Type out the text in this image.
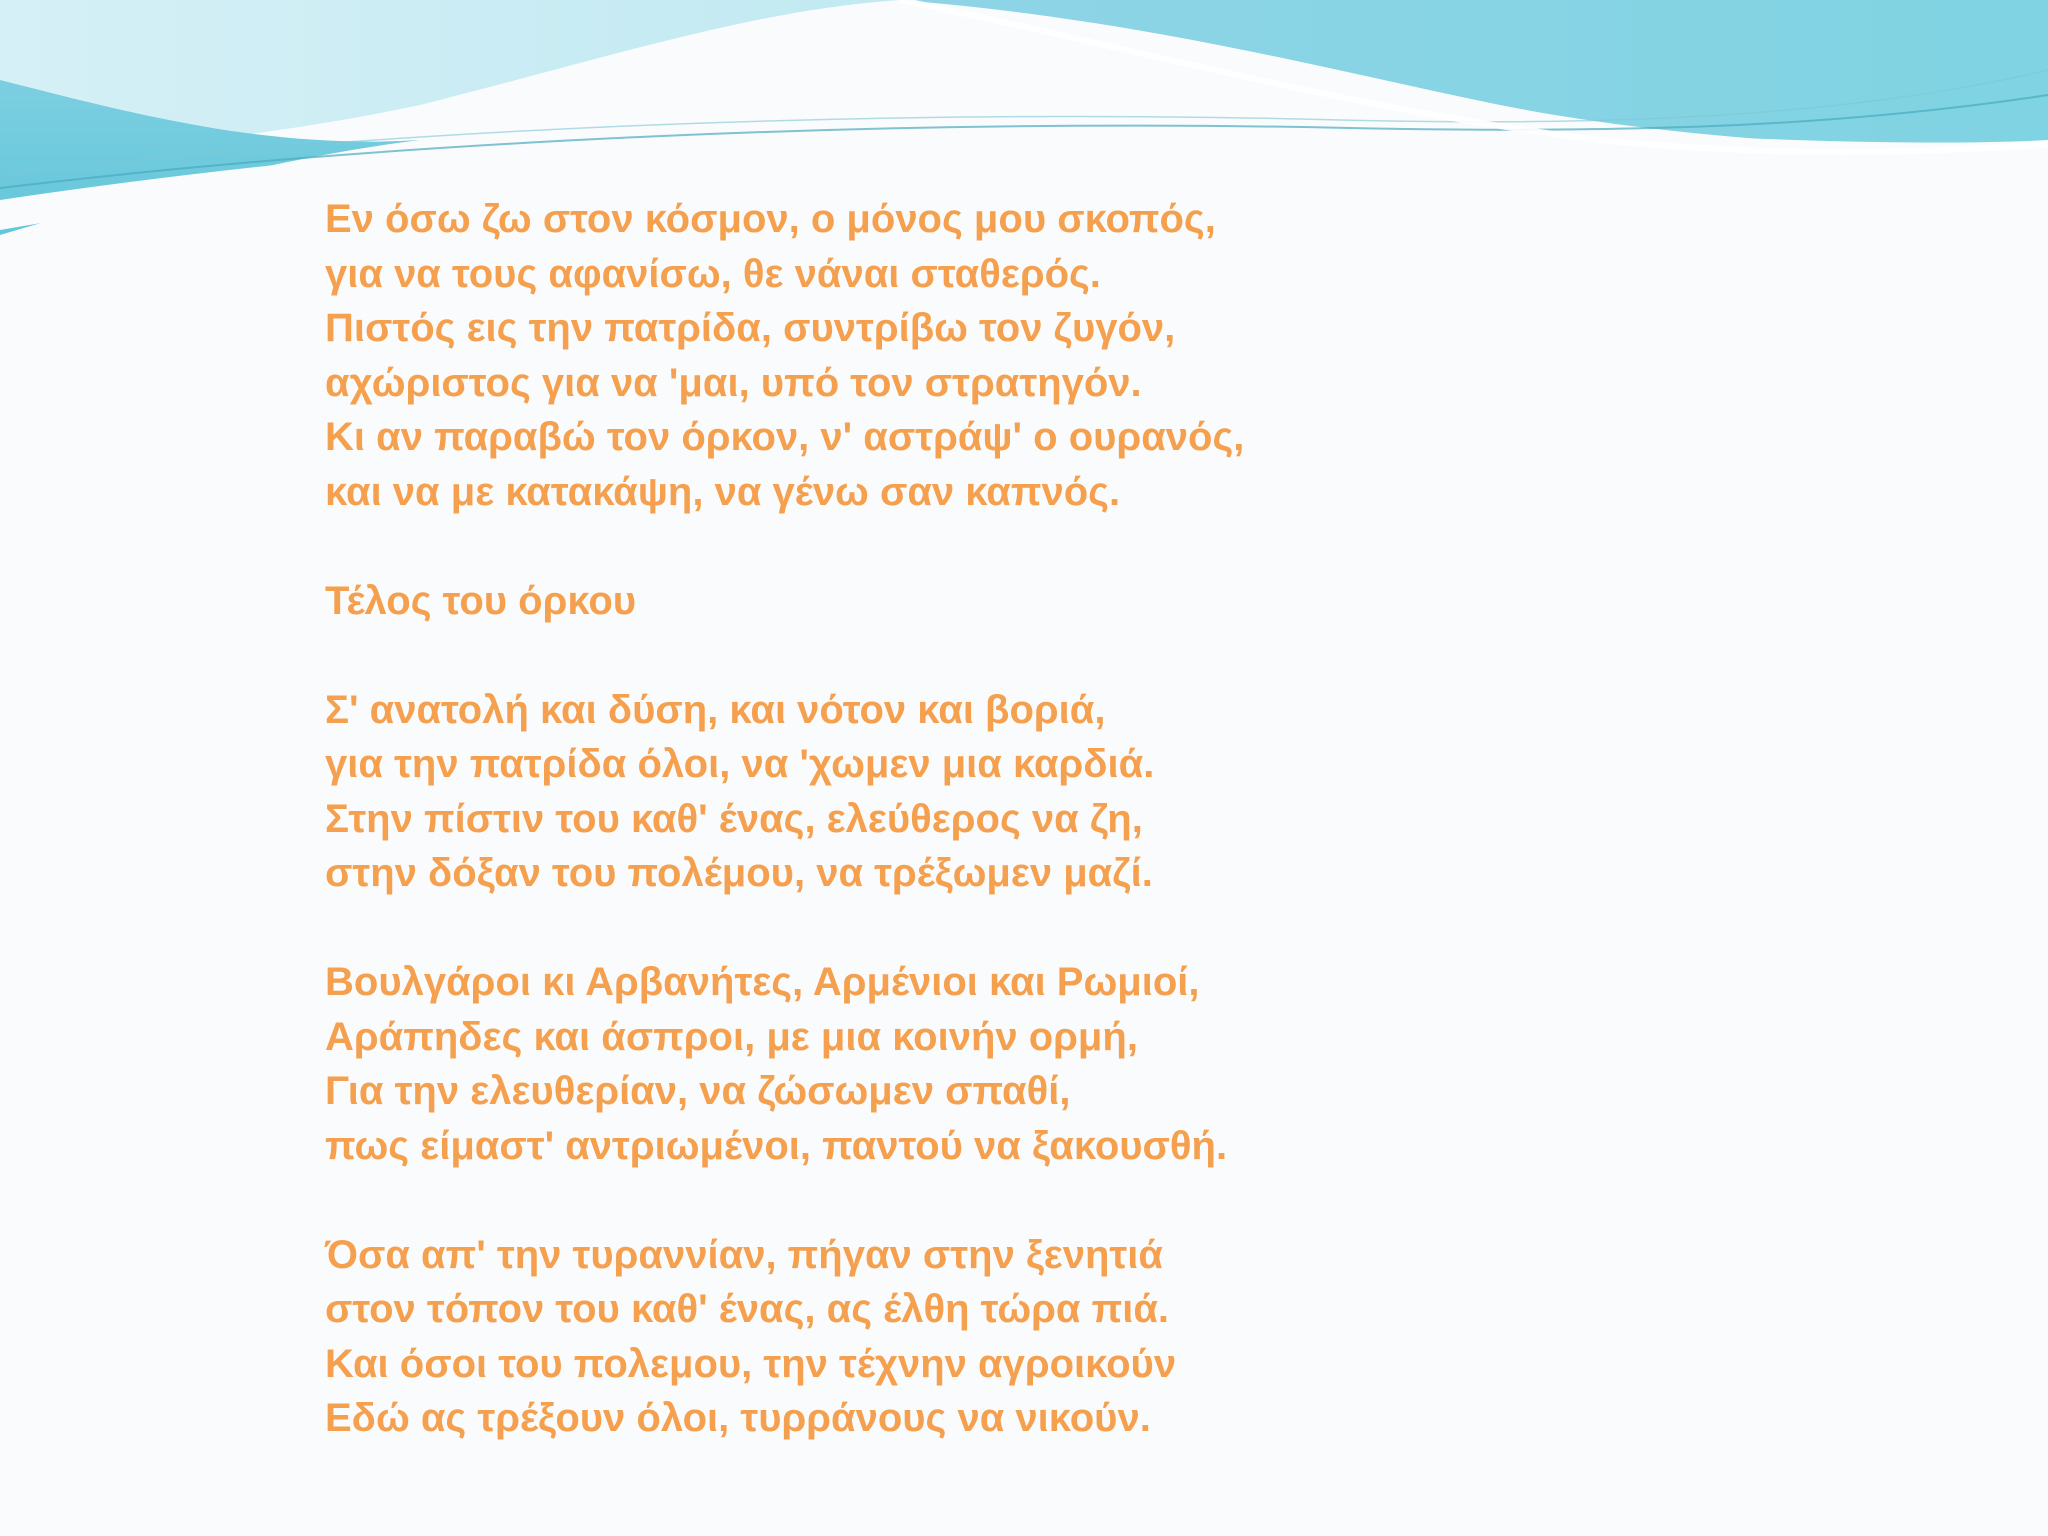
Εν όσω ζω στον κόσμον, ο μόνος μου σκοπός,
για να τους αφανίσω, θε νάναι σταθερός.
Πιστός εις την πατρίδα, συντρίβω τον ζυγόν,
αχώριστος για να 'μαι, υπό τον στρατηγόν.
Κι αν παραβώ τον όρκον, ν' αστράψ' ο ουρανός,
και να με κατακάψη, να γένω σαν καπνός.
Τέλος του όρκου
Σ' ανατολή και δύση, και νότον και βοριά,
για την πατρίδα όλοι, να 'χωμεν μια καρδιά.
Στην πίστιν του καθ' ένας, ελεύθερος να ζη,
στην δόξαν του πολέμου, να τρέξωμεν μαζί.
Βουλγάροι κι Αρβανήτες, Αρμένιοι και Ρωμιοί,
Αράπηδες και άσπροι, με μια κοινήν ορμή,
Για την ελευθερίαν, να ζώσωμεν σπαθί,
πως είμαστ' αντριωμένοι, παντού να ξακουσθή.
Όσα απ' την τυραννίαν, πήγαν στην ξενητιά
στον τόπον του καθ' ένας, ας έλθη τώρα πιά.
Και όσοι του πολεμου, την τέχνην αγροικούν
Εδώ ας τρέξουν όλοι, τυρράνους να νικούν.
